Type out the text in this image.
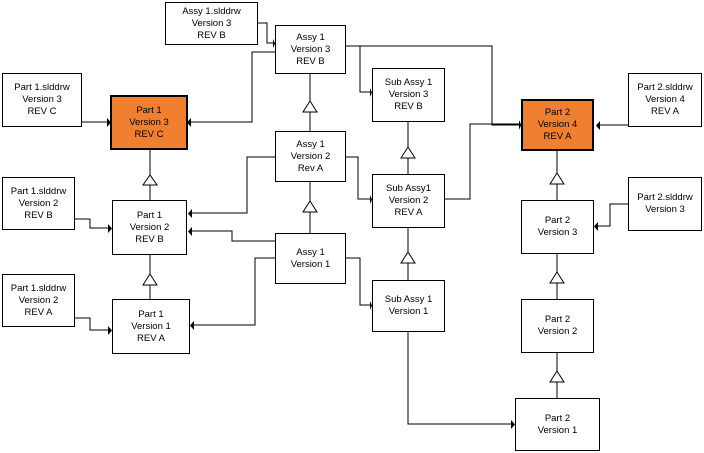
Assy 1.slddrw
Version 3
REV B	Assy 1
Version 3
REV B
Part 1.slddrw
Version 3
REV C	Part 1
Version 3
REV C
Sub Assy 1
Version 3
REV B
Part 2
Version 4
REV A
Part 2.slddrw
Version 4
REV A
Assy 1
Version 2
Rev A
Part 1.slddrw
Version 2
REV B	Part 1
Version 2
REV B
Sub Assy1
Version 2
REV A
Part 2.slddrw
Version 3
Part 2
Version 3
Assy 1
Version 1
Part 1.slddrw
Version 2
REV A	Part 1
Version 1
REV A
Sub Assy 1
Version 1
Part 2
Version 2
Part 2
Version 1
